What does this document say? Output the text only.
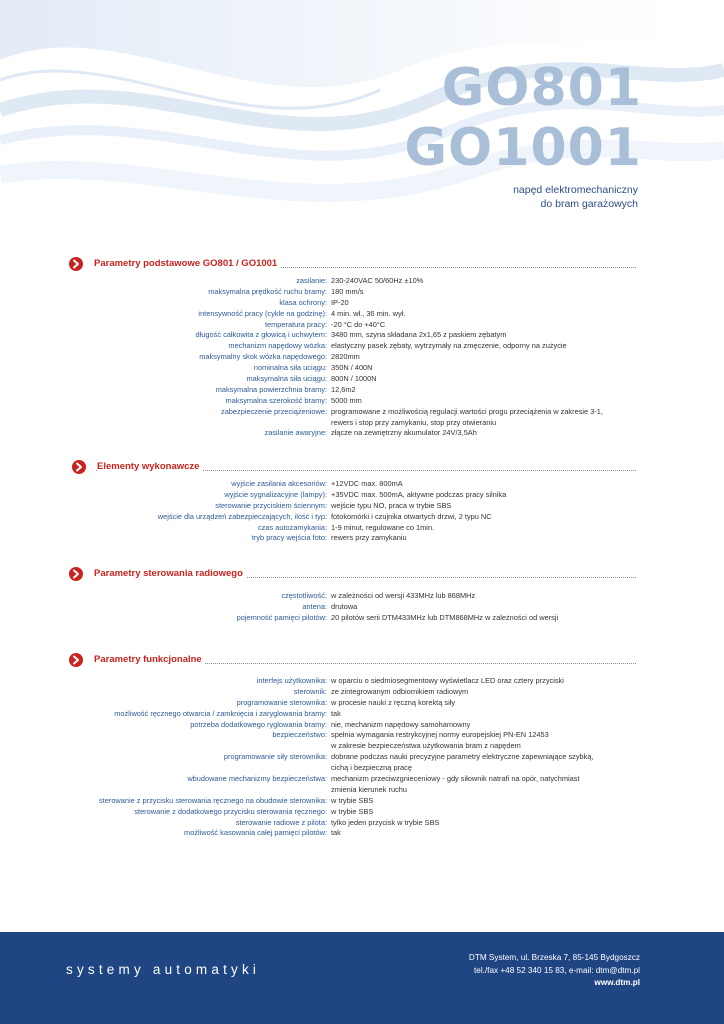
GO801
GO1001
napęd elektromechaniczny
do bram garażowych
Parametry podstawowe GO801 / GO1001
zasilanie: 230-240VAC 50/60Hz ±10%
maksymalna prędkość ruchu bramy: 180 mm/s
klasa ochrony: IP-20
intensywność pracy (cykle na godzinę): 4 min. wł., 36 min. wył.
temperatura pracy: -20 °C do +40°C
długość całkowita z głowicą i uchwytem: 3480 mm, szyna składana 2x1,65 z paskiem zębatym
mechanizm napędowy wózka: elastyczny pasek zębaty, wytrzymały na zmęczenie, odporny na zużycie
maksymalny skok wózka napędowego: 2820mm
nominalna siła uciągu: 350N / 400N
maksymalna siła uciągu: 800N / 1000N
maksymalna powierzchnia bramy: 12,6m2
maksymalna szerokość bramy: 5000 mm
zabezpieczenie przeciążeniowe: programowane z możliwością regulacji wartości progu przeciążenia w zakresie 3-1,
rewers i stop przy zamykaniu, stop przy otwieraniu
zasilanie awaryjne: złącze na zewnętrzny akumulator 24V/3,5Ah
Elementy wykonawcze
wyjście zasilania akcesoriów: +12VDC max. 800mA
wyjście sygnalizacyjne (lampy): +35VDC max. 500mA, aktywne podczas pracy silnika
sterowanie przyciskiem ściennym: wejście typu NO, praca w trybie SBS
wejście dla urządzeń zabezpieczających, ilość i typ: fotokomórki i czujnika otwartych drzwi, 2 typu NC
czas autozamykania: 1-9 minut, regulowane co 1min.
tryb pracy wejścia foto: rewers przy zamykaniu
Parametry sterowania radiowego
częstotliwość: w zależności od wersji 433MHz lub 868MHz
antena: drutowa
pojemność pamięci pilotów: 20 pilotów serii DTM433MHz lub DTM868MHz w zależności od wersji
Parametry funkcjonalne
interfejs użytkownika: w oparciu o siedmiosegmentowy wyświetlacz LED oraz cztery przyciski
sterownik: ze zintegrowanym odbiornikiem radiowym
programowanie sterownika: w procesie nauki z ręczną korektą siły
możliwość ręcznego otwarcia / zamknięcia i zaryglowania bramy: tak
potrzeba dodatkowego ryglowania bramy: nie, mechanizm napędowy samohamowny
bezpieczeństwo: spełnia wymagania restrykcyjnej normy europejskiej PN-EN 12453
w zakresie bezpieczeństwa użytkowania bram z napędem
programowanie siły sterownika: dobrane podczas nauki precyzyjne parametry elektryczne zapewniające szybką,
cichą i bezpieczną pracę
wbudowane mechanizmy bezpieczeństwa: mechanizm przeciwzgnieceniowy - gdy siłownik natrafi na opór, natychmiast
zmienia kierunek ruchu
sterowanie z przycisku sterowania ręcznego na obudowie sterownika: w trybie SBS
sterowanie z dodatkowego przycisku sterowania ręcznego: w trybie SBS
sterowanie radiowe z pilota: tylko jeden przycisk w trybie SBS
możliwość kasowania całej pamięci pilotów: tak
systemy automatyki
DTM System, ul. Brzeska 7, 85-145 Bydgoszcz
tel./fax +48 52 340 15 83, e-mail: dtm@dtm.pl
www.dtm.pl
